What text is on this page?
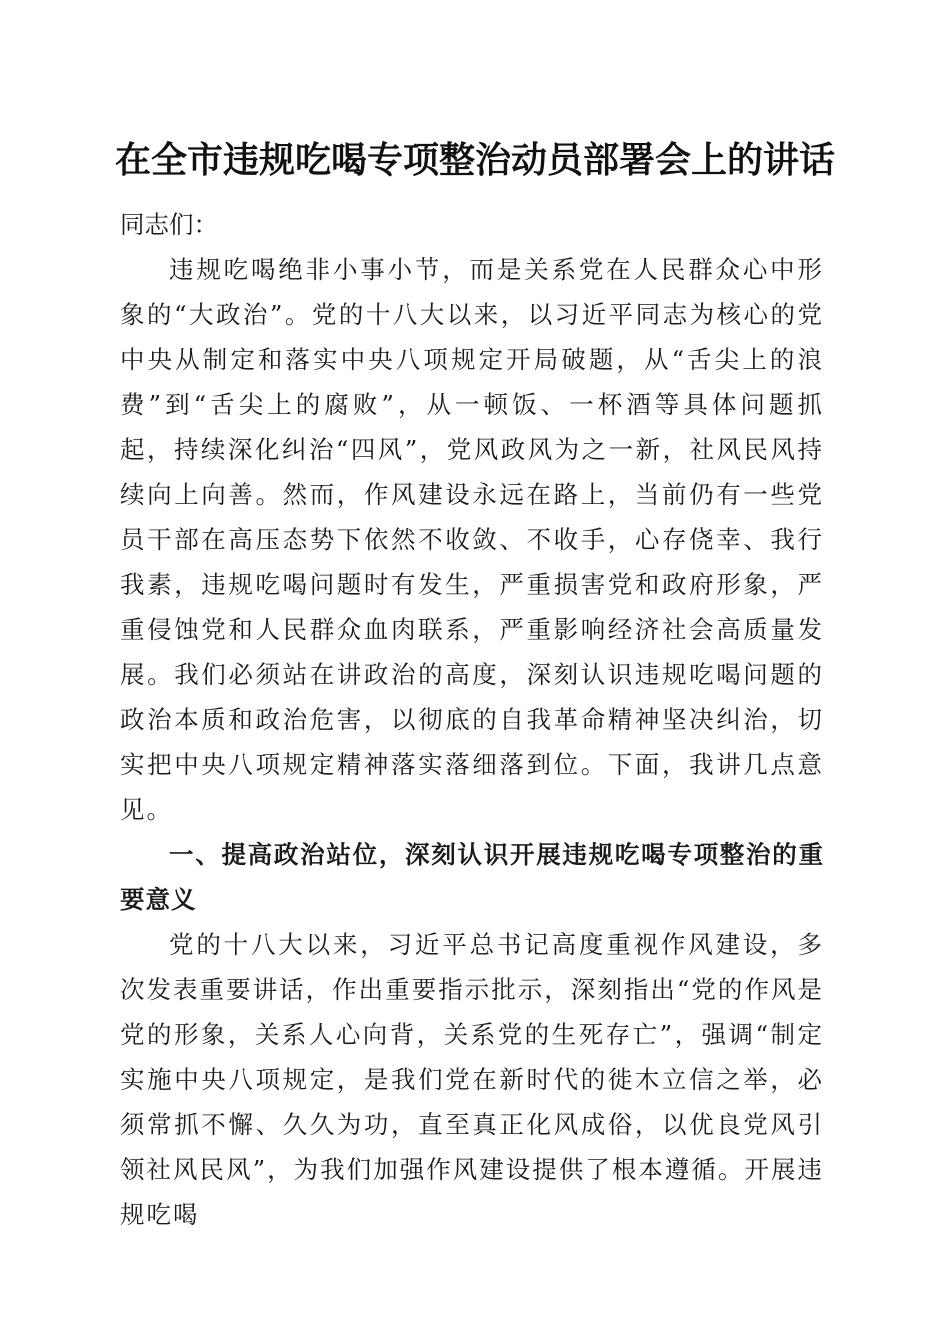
在全市违规吃喝专项整治动员部署会上的讲话

同志们：

违规吃喝绝非小事小节，而是关系党在人民群众心中形象的“大政治”。党的十八大以来，以习近平同志为核心的党中央从制定和落实中央八项规定开局破题，从“舌尖上的浪费”到“舌尖上的腐败”，从一顿饭、一杯酒等具体问题抓起，持续深化纠治“四风”，党风政风为之一新，社风民风持续向上向善。然而，作风建设永远在路上，当前仍有一些党员干部在高压态势下依然不收敛、不收手，心存侥幸、我行我素，违规吃喝问题时有发生，严重损害党和政府形象，严重侵蚀党和人民群众血肉联系，严重影响经济社会高质量发展。我们必须站在讲政治的高度，深刻认识违规吃喝问题的政治本质和政治危害，以彻底的自我革命精神坚决纠治，切实把中央八项规定精神落实落细落到位。下面，我讲几点意见。

一、提高政治站位，深刻认识开展违规吃喝专项整治的重要意义

党的十八大以来，习近平总书记高度重视作风建设，多次发表重要讲话，作出重要指示批示，深刻指出“党的作风是党的形象，关系人心向背，关系党的生死存亡”，强调“制定实施中央八项规定，是我们党在新时代的徙木立信之举，必须常抓不懈、久久为功，直至真正化风成俗，以优良党风引领社风民风”，为我们加强作风建设提供了根本遵循。开展违规吃喝
